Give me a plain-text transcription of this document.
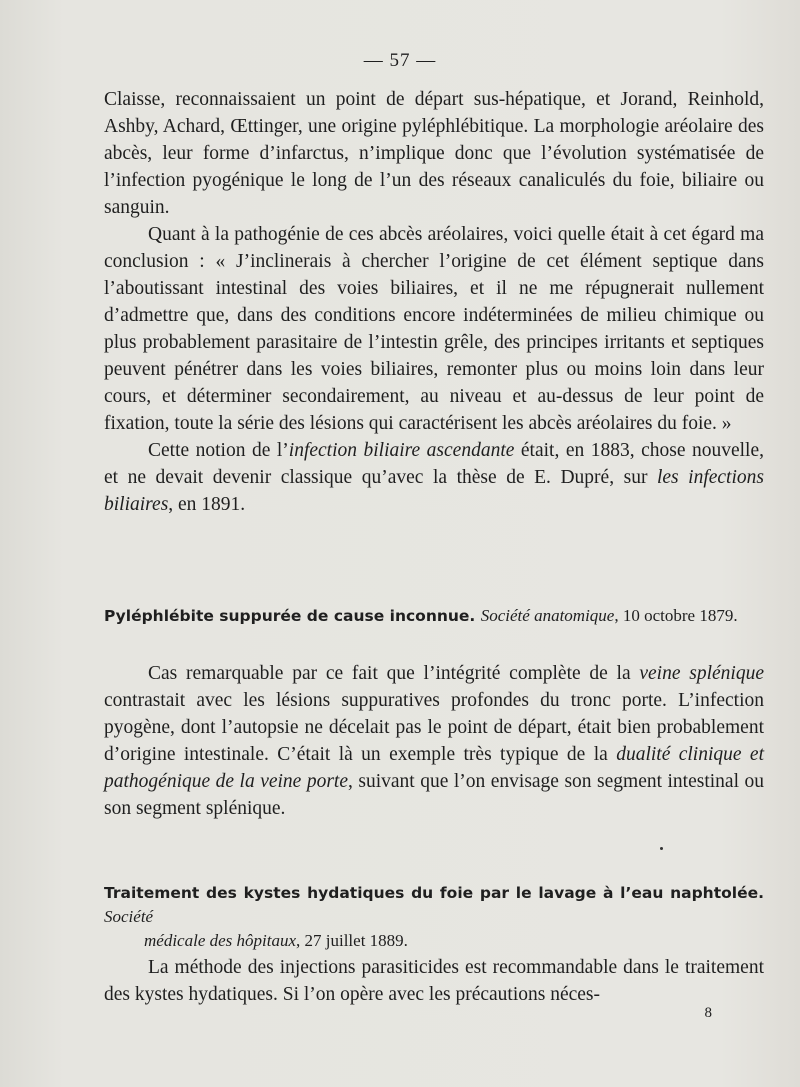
— 57 —

Claisse, reconnaissaient un point de départ sus-hépatique, et Jorand, Reinhold, Ashby, Achard, Œttinger, une origine pyléphlébitique. La morphologie aréolaire des abcès, leur forme d’infarctus, n’implique donc que l’évolution systématisée de l’infection pyogénique le long de l’un des réseaux canaliculés du foie, biliaire ou sanguin.

Quant à la pathogénie de ces abcès aréolaires, voici quelle était à cet égard ma conclusion : « J’inclinerais à chercher l’origine de cet élément septique dans l’aboutissant intestinal des voies biliaires, et il ne me répugnerait nullement d’admettre que, dans des conditions encore indéterminées de milieu chimique ou plus probablement parasitaire de l’intestin grêle, des principes irritants et septiques peuvent pénétrer dans les voies biliaires, remonter plus ou moins loin dans leur cours, et déterminer secondairement, au niveau et au-dessus de leur point de fixation, toute la série des lésions qui caractérisent les abcès aréolaires du foie. »

Cette notion de l’infection biliaire ascendante était, en 1883, chose nouvelle, et ne devait devenir classique qu’avec la thèse de E. Dupré, sur les infections biliaires, en 1891.

Pyléphlébite suppurée de cause inconnue. Société anatomique, 10 octobre 1879.

Cas remarquable par ce fait que l’intégrité complète de la veine splénique contrastait avec les lésions suppuratives profondes du tronc porte. L’infection pyogène, dont l’autopsie ne décelait pas le point de départ, était bien probablement d’origine intestinale. C’était là un exemple très typique de la dualité clinique et pathogénique de la veine porte, suivant que l’on envisage son segment intestinal ou son segment splénique.

Traitement des kystes hydatiques du foie par le lavage à l’eau naphtolée. Société
médicale des hôpitaux, 27 juillet 1889.

La méthode des injections parasiticides est recommandable dans le traitement des kystes hydatiques. Si l’on opère avec les précautions néces-

8
